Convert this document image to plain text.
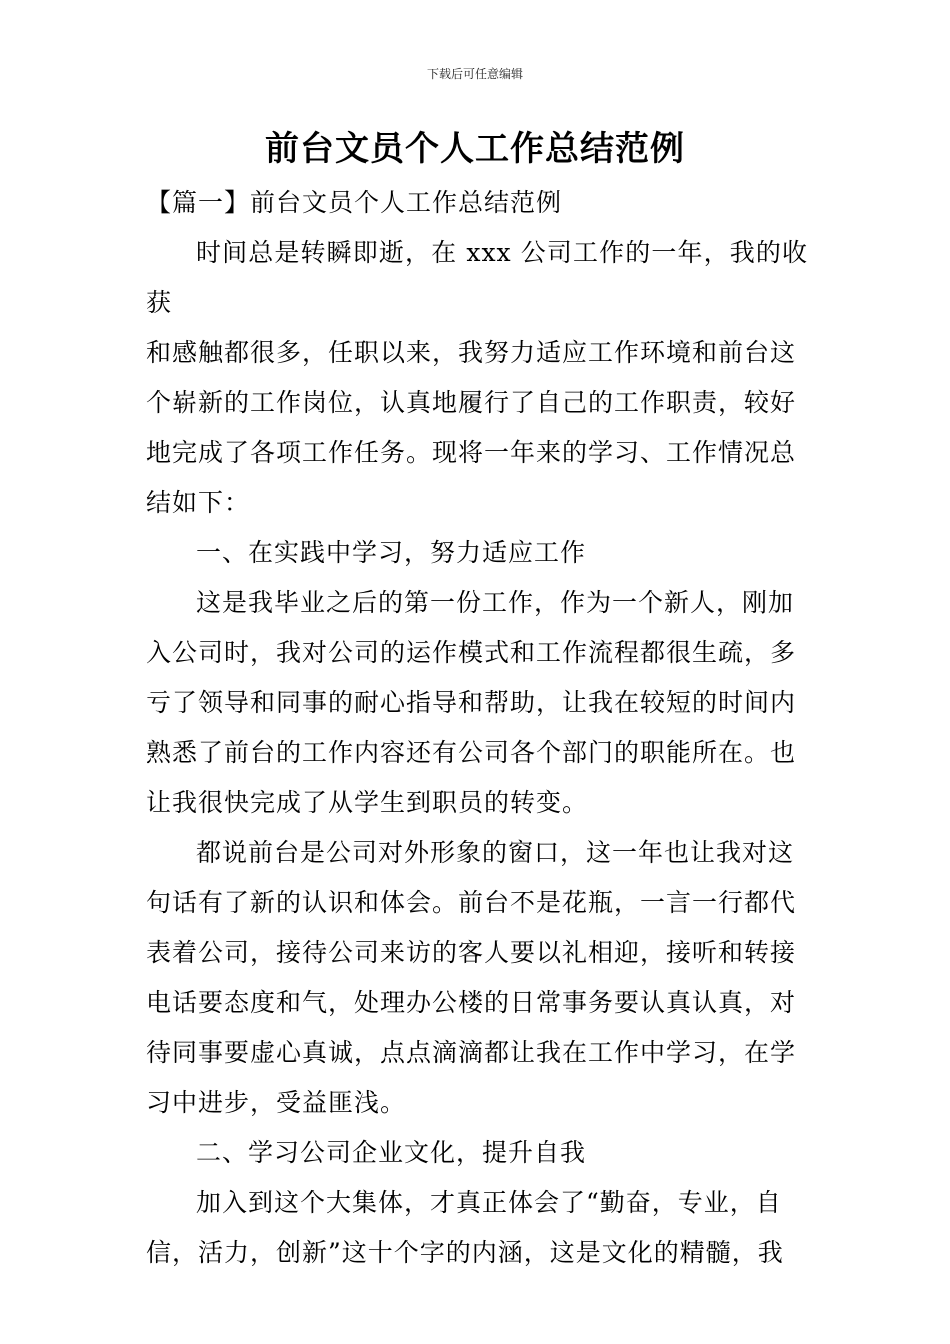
下载后可任意编辑
前台文员个人工作总结范例

【篇一】前台文员个人工作总结范例

时间总是转瞬即逝，在 xxx 公司工作的一年，我的收获
和感触都很多，任职以来，我努力适应工作环境和前台这
个崭新的工作岗位，认真地履行了自己的工作职责，较好
地完成了各项工作任务。现将一年来的学习、工作情况总
结如下：

一、在实践中学习，努力适应工作

这是我毕业之后的第一份工作，作为一个新人，刚加
入公司时，我对公司的运作模式和工作流程都很生疏，多
亏了领导和同事的耐心指导和帮助，让我在较短的时间内
熟悉了前台的工作内容还有公司各个部门的职能所在。也
让我很快完成了从学生到职员的转变。

都说前台是公司对外形象的窗口，这一年也让我对这
句话有了新的认识和体会。前台不是花瓶，一言一行都代
表着公司，接待公司来访的客人要以礼相迎，接听和转接
电话要态度和气，处理办公楼的日常事务要认真认真，对
待同事要虚心真诚，点点滴滴都让我在工作中学习，在学
习中进步，受益匪浅。

二、学习公司企业文化，提升自我

加入到这个大集体，才真正体会了“勤奋，专业，自
信，活力，创新”这十个字的内涵，这是文化的精髓，我
